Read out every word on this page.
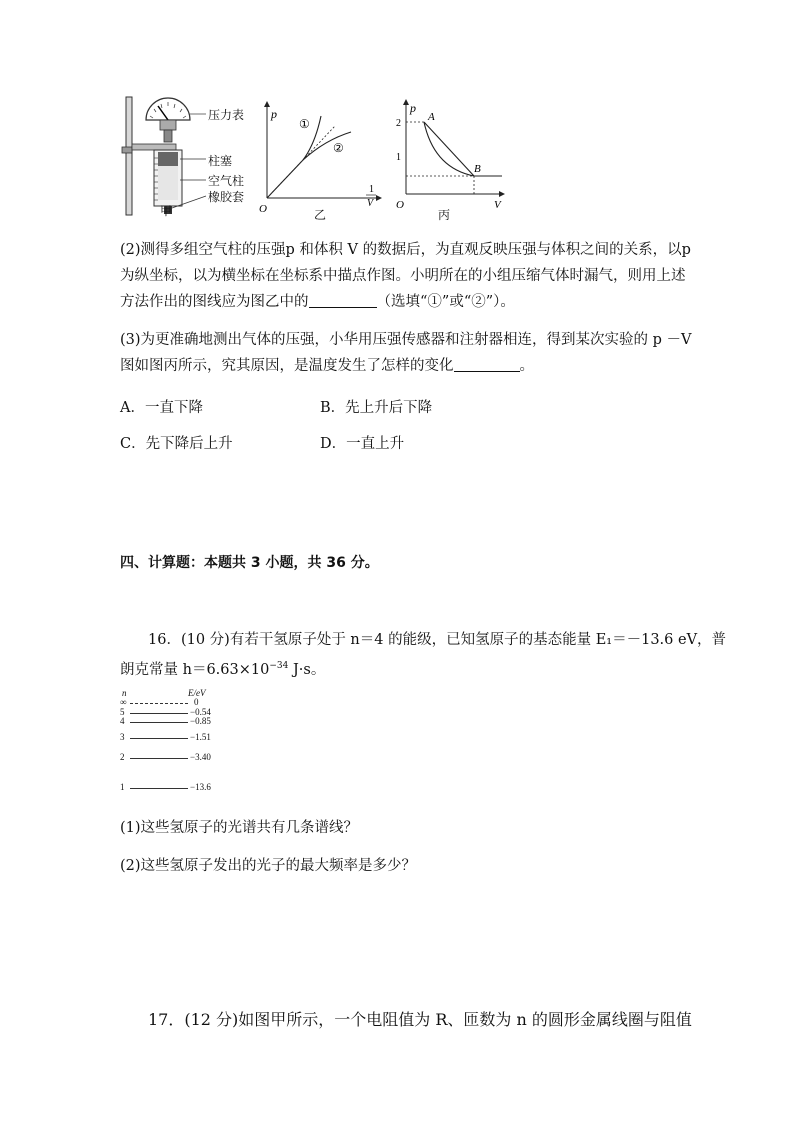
压力表
柱塞
空气柱
橡胶套
甲
p
O
1
V
①
②
乙
p
2
1
O	V
A
B
丙
(2)测得多组空气柱的压强p 和体积 V 的数据后，为直观反映压强与体积之间的关系，以p
为纵坐标，以为横坐标在坐标系中描点作图。小明所在的小组压缩气体时漏气，则用上述
方法作出的图线应为图乙中的	（选填“①”或“②”）。
(3)为更准确地测出气体的压强，小华用压强传感器和注射器相连，得到某次实验的 p －V
图如图丙所示，究其原因，是温度发生了怎样的变化	。
A．一直下降	B．先上升后下降
C．先下降后上升	D．一直上升
四、计算题：本题共 3 小题，共 36 分。
16．(10 分)有若干氢原子处于 n＝4 的能级，已知氢原子的基态能量 E₁＝－13.6 eV，普
朗克常量 $h=6.63\times 10^{-34}$ J·s。
n	E/eV
∞	0
5	−0.54
4	−0.85
3	−1.51
2	−3.40
1	−13.6
(1)这些氢原子的光谱共有几条谱线？
(2)这些氢原子发出的光子的最大频率是多少？
17．(12 分)如图甲所示，一个电阻值为 R、匝数为 n 的圆形金属线圈与阻值
